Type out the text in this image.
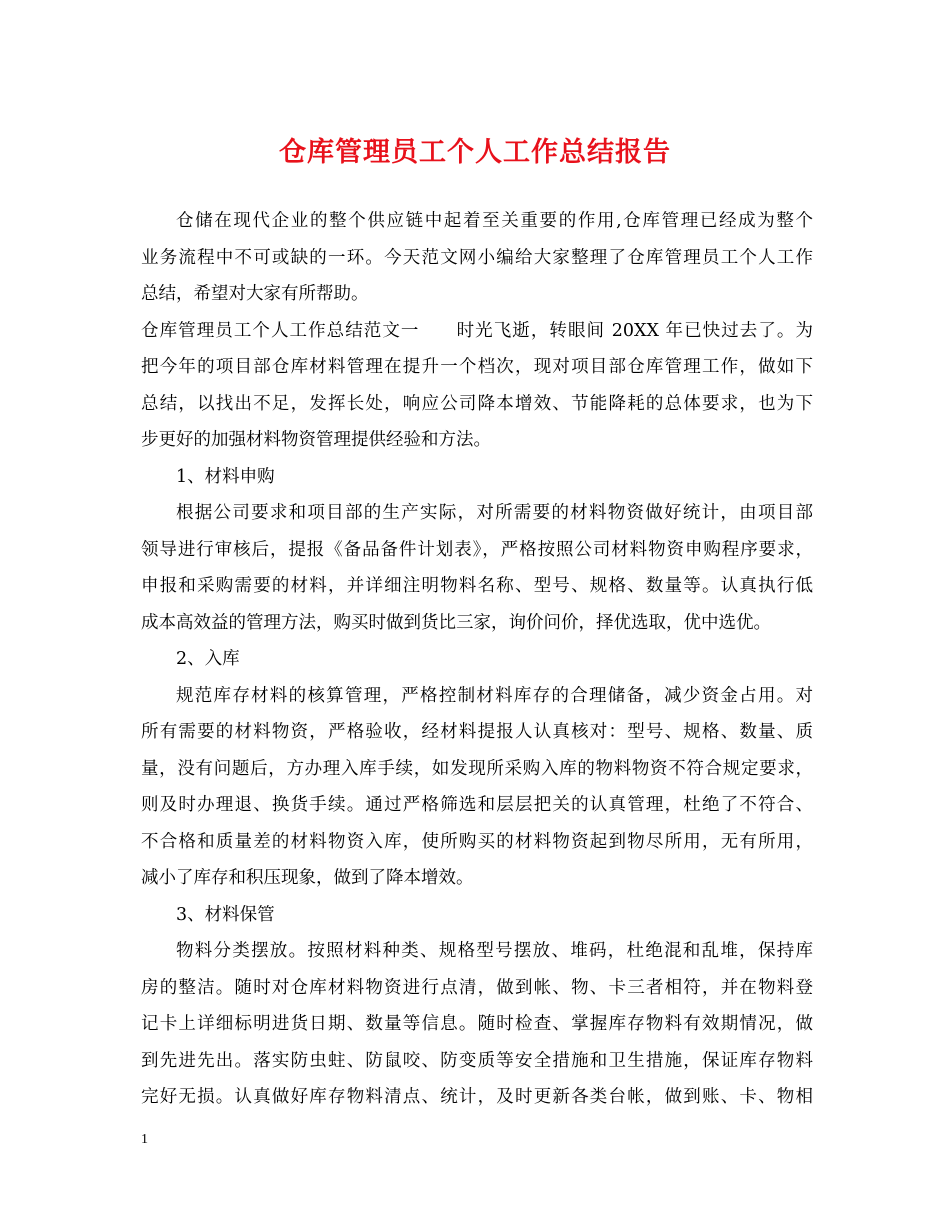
仓库管理员工个人工作总结报告
仓储在现代企业的整个供应链中起着至关重要的作用,仓库管理已经成为整个
业务流程中不可或缺的一环。今天范文网小编给大家整理了仓库管理员工个人工作
总结，希望对大家有所帮助。
仓库管理员工个人工作总结范文一　　时光飞逝，转眼间 20XX 年已快过去了。为
把今年的项目部仓库材料管理在提升一个档次，现对项目部仓库管理工作，做如下
总结，以找出不足，发挥长处，响应公司降本增效、节能降耗的总体要求，也为下
步更好的加强材料物资管理提供经验和方法。
1、材料申购
根据公司要求和项目部的生产实际，对所需要的材料物资做好统计，由项目部
领导进行审核后，提报《备品备件计划表》，严格按照公司材料物资申购程序要求，
申报和采购需要的材料，并详细注明物料名称、型号、规格、数量等。认真执行低
成本高效益的管理方法，购买时做到货比三家，询价问价，择优选取，优中选优。
2、入库
规范库存材料的核算管理，严格控制材料库存的合理储备，减少资金占用。对
所有需要的材料物资，严格验收，经材料提报人认真核对：型号、规格、数量、质
量，没有问题后，方办理入库手续，如发现所采购入库的物料物资不符合规定要求，
则及时办理退、换货手续。通过严格筛选和层层把关的认真管理，杜绝了不符合、
不合格和质量差的材料物资入库，使所购买的材料物资起到物尽所用，无有所用，
减小了库存和积压现象，做到了降本增效。
3、材料保管
物料分类摆放。按照材料种类、规格型号摆放、堆码，杜绝混和乱堆，保持库
房的整洁。随时对仓库材料物资进行点清，做到帐、物、卡三者相符，并在物料登
记卡上详细标明进货日期、数量等信息。随时检查、掌握库存物料有效期情况，做
到先进先出。落实防虫蛀、防鼠咬、防变质等安全措施和卫生措施，保证库存物料
完好无损。认真做好库存物料清点、统计，及时更新各类台帐，做到账、卡、物相
1
